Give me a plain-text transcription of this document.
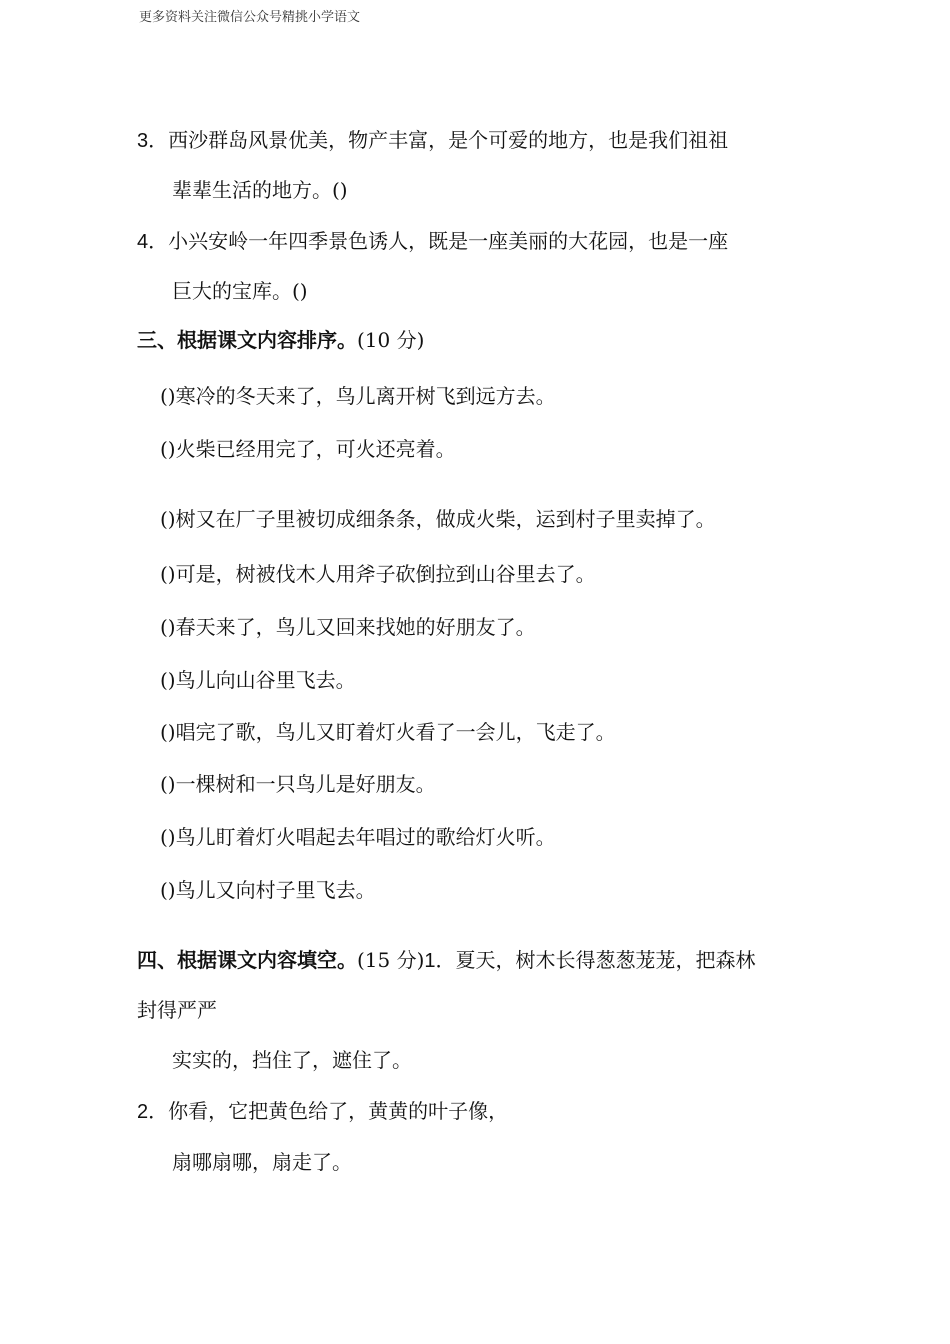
更多资料关注微信公众号精挑小学语文
3．西沙群岛风景优美，物产丰富，是个可爱的地方，也是我们祖祖
辈辈生活的地方。()
4．小兴安岭一年四季景色诱人，既是一座美丽的大花园，也是一座
巨大的宝库。()
三、根据课文内容排序。(10 分)
()寒冷的冬天来了，鸟儿离开树飞到远方去。
()火柴已经用完了，可火还亮着。
()树又在厂子里被切成细条条，做成火柴，运到村子里卖掉了。
()可是，树被伐木人用斧子砍倒拉到山谷里去了。
()春天来了，鸟儿又回来找她的好朋友了。
()鸟儿向山谷里飞去。
()唱完了歌，鸟儿又盯着灯火看了一会儿，飞走了。
()一棵树和一只鸟儿是好朋友。
()鸟儿盯着灯火唱起去年唱过的歌给灯火听。
()鸟儿又向村子里飞去。
四、根据课文内容填空。(15 分)1．夏天，树木长得葱葱茏茏，把森林
封得严严
实实的，挡住了，遮住了。
2．你看，它把黄色给了，黄黄的叶子像，
扇哪扇哪，扇走了。
